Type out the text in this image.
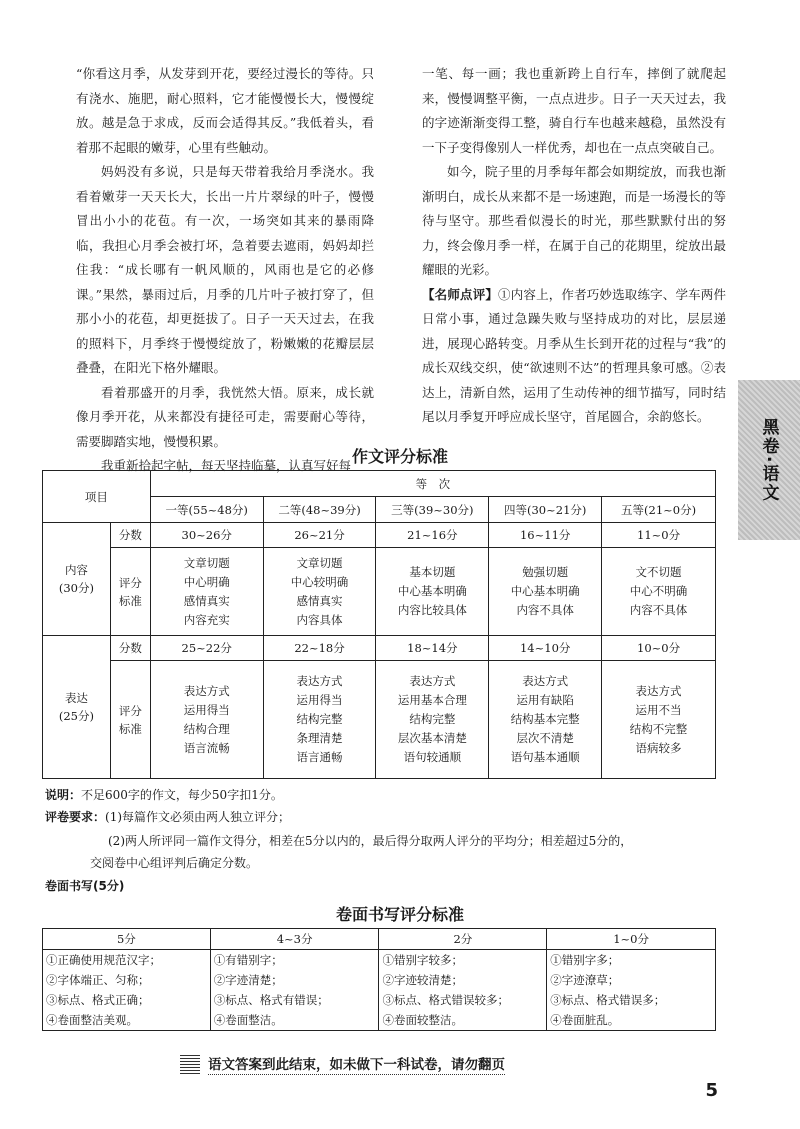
“你看这月季，从发芽到开花，要经过漫长的等待。只有浇水、施肥，耐心照料，它才能慢慢长大，慢慢绽放。越是急于求成，反而会适得其反。”我低着头，看着那不起眼的嫩芽，心里有些触动。

妈妈没有多说，只是每天带着我给月季浇水。我看着嫩芽一天天长大，长出一片片翠绿的叶子，慢慢冒出小小的花苞。有一次，一场突如其来的暴雨降临，我担心月季会被打坏，急着要去遮雨，妈妈却拦住我：“成长哪有一帆风顺的，风雨也是它的必修课。”果然，暴雨过后，月季的几片叶子被打穿了，但那小小的花苞，却更挺拔了。日子一天天过去，在我的照料下，月季终于慢慢绽放了，粉嫩嫩的花瓣层层叠叠，在阳光下格外耀眼。

看着那盛开的月季，我恍然大悟。原来，成长就像月季开花，从来都没有捷径可走，需要耐心等待，需要脚踏实地，慢慢积累。

我重新拾起字帖，每天坚持临摹，认真写好每

一笔、每一画；我也重新跨上自行车，摔倒了就爬起来，慢慢调整平衡，一点点进步。日子一天天过去，我的字迹渐渐变得工整，骑自行车也越来越稳，虽然没有一下子变得像别人一样优秀，却也在一点点突破自己。

如今，院子里的月季每年都会如期绽放，而我也渐渐明白，成长从来都不是一场速跑，而是一场漫长的等待与坚守。那些看似漫长的时光，那些默默付出的努力，终会像月季一样，在属于自己的花期里，绽放出最耀眼的光彩。

【名师点评】①内容上，作者巧妙选取练字、学车两件日常小事，通过急躁失败与坚持成功的对比，层层递进，展现心路转变。月季从生长到开花的过程与“我”的成长双线交织，使“欲速则不达”的哲理具象可感。②表达上，清新自然，运用了生动传神的细节描写，同时结尾以月季复开呼应成长坚守，首尾圆合，余韵悠长。

黑卷·语文
作文评分标准
项目		等　次				
		一等(55~48分)	二等(48~39分)	三等(39~30分)	四等(30~21分)	五等(21~0分)
内容
(30分)	分数	30~26分	26~21分	21~16分	16~11分	11~0分
	评分
标准	文章切题
中心明确
感情真实
内容充实	文章切题
中心较明确
感情真实
内容具体	基本切题
中心基本明确
内容比较具体	勉强切题
中心基本明确
内容不具体	文不切题
中心不明确
内容不具体
表达
(25分)	分数	25~22分	22~18分	18~14分	14~10分	10~0分
	评分
标准	表达方式
运用得当
结构合理
语言流畅	表达方式
运用得当
结构完整
条理清楚
语言通畅	表达方式
运用基本合理
结构完整
层次基本清楚
语句较通顺	表达方式
运用有缺陷
结构基本完整
层次不清楚
语句基本通顺	表达方式
运用不当
结构不完整
语病较多
说明：不足600字的作文，每少50字扣1分。
评卷要求：(1)每篇作文必须由两人独立评分；
(2)两人所评同一篇作文得分，相差在5分以内的，最后得分取两人评分的平均分；相差超过5分的，
交阅卷中心组评判后确定分数。
卷面书写(5分)
卷面书写评分标准
5分	4~3分	2分	1~0分
①正确使用规范汉字；
②字体端正、匀称；
③标点、格式正确；
④卷面整洁美观。	①有错别字；
②字迹清楚；
③标点、格式有错误；
④卷面整洁。	①错别字较多；
②字迹较清楚；
③标点、格式错误较多；
④卷面较整洁。	①错别字多；
②字迹潦草；
③标点、格式错误多；
④卷面脏乱。
语文答案到此结束，如未做下一科试卷，请勿翻页
5
